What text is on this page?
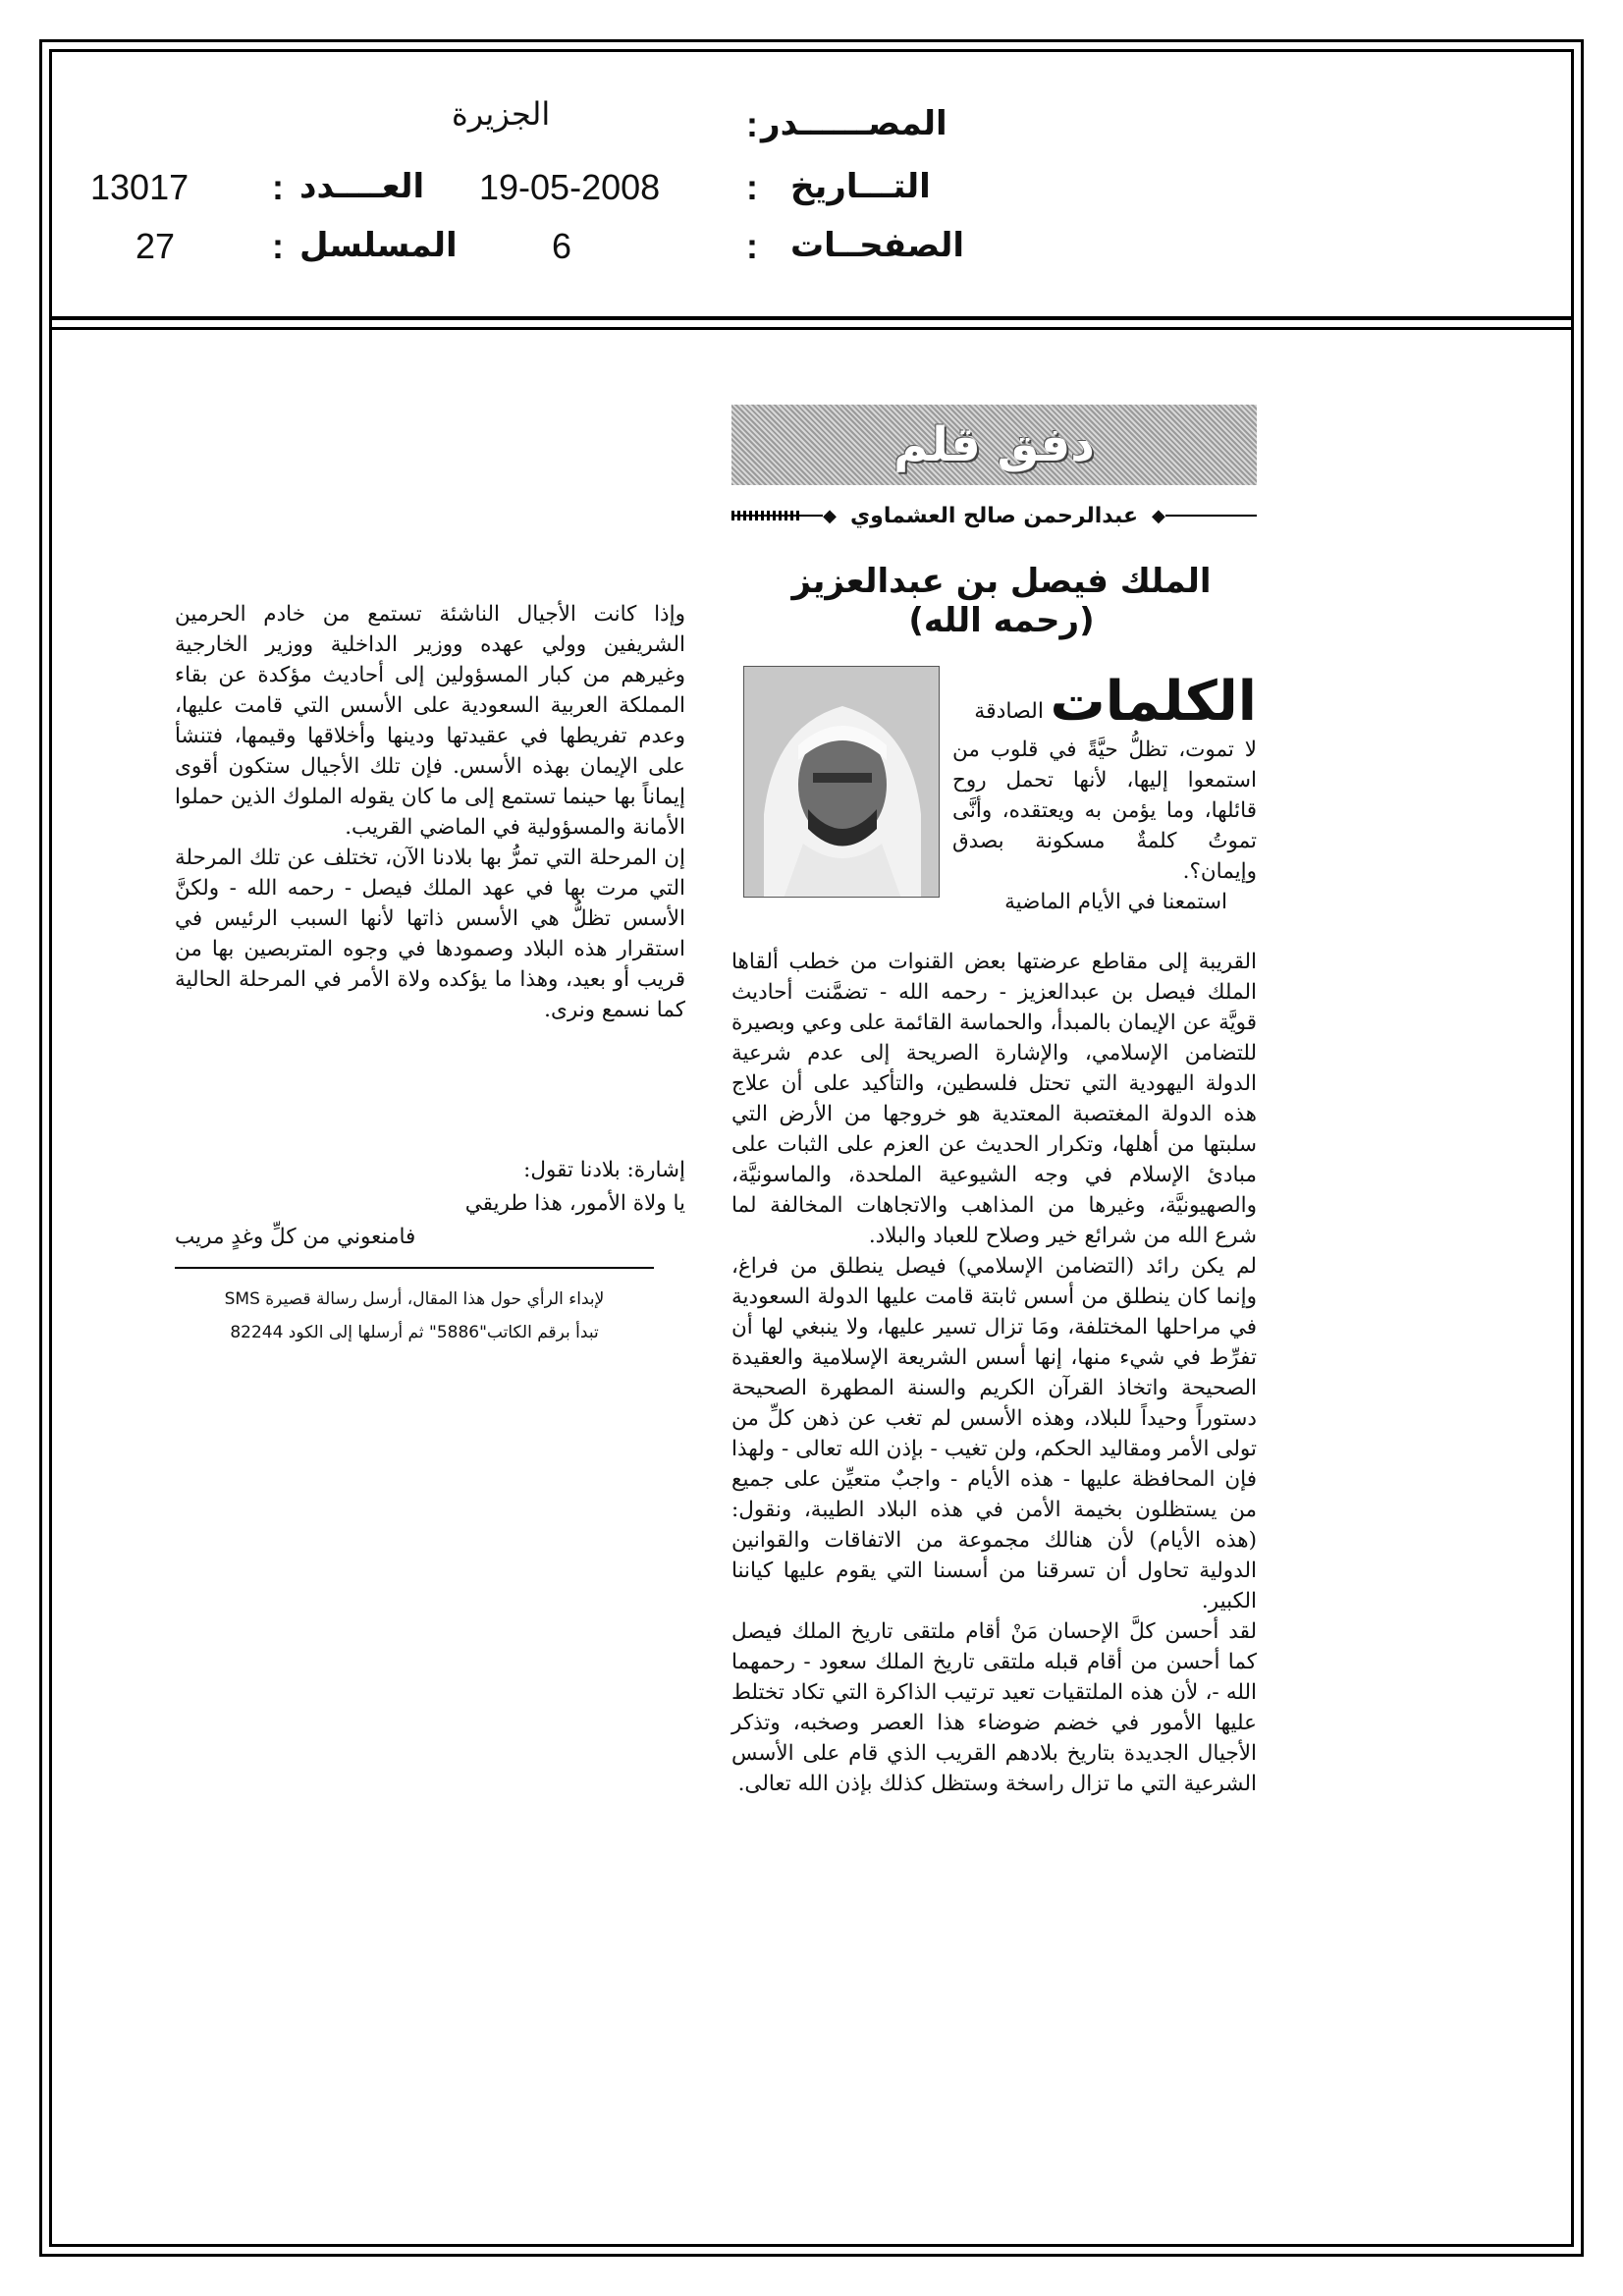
المصــــــدر
:
الجزيرة
التـــاريخ
:
19-05-2008
العــــدد
:
13017
الصفحــات
:
6
المسلسل
:
27
دفق قلم
◆
عبدالرحمن صالح العشماوي
◆
الملك فيصل بن عبدالعزيز (رحمه الله)
الكلمات
الصادقة

لا تموت، تظلُّ حيَّةً في قلوب من استمعوا إليها، لأنها تحمل روح قائلها، وما يؤمن به ويعتقده، وأنَّى تموتُ كلمةٌ مسكونة بصدق وإيمان؟.

استمعنا في الأيام الماضية

القريبة إلى مقاطع عرضتها بعض القنوات من خطب ألقاها الملك فيصل بن عبدالعزيز - رحمه الله - تضمَّنت أحاديث قويَّة عن الإيمان بالمبدأ، والحماسة القائمة على وعي وبصيرة للتضامن الإسلامي، والإشارة الصريحة إلى عدم شرعية الدولة اليهودية التي تحتل فلسطين، والتأكيد على أن علاج هذه الدولة المغتصبة المعتدية هو خروجها من الأرض التي سلبتها من أهلها، وتكرار الحديث عن العزم على الثبات على مبادئ الإسلام في وجه الشيوعية الملحدة، والماسونيَّة، والصهيونيَّة، وغيرها من المذاهب والاتجاهات المخالفة لما شرع الله من شرائع خير وصلاح للعباد والبلاد.

لم يكن رائد (التضامن الإسلامي) فيصل ينطلق من فراغ، وإنما كان ينطلق من أسس ثابتة قامت عليها الدولة السعودية في مراحلها المختلفة، ومَا تزال تسير عليها، ولا ينبغي لها أن تفرِّط في شيء منها، إنها أسس الشريعة الإسلامية والعقيدة الصحيحة واتخاذ القرآن الكريم والسنة المطهرة الصحيحة دستوراً وحيداً للبلاد، وهذه الأسس لم تغب عن ذهن كلِّ من تولى الأمر ومقاليد الحكم، ولن تغيب - بإذن الله تعالى - ولهذا فإن المحافظة عليها - هذه الأيام - واجبٌ متعيِّن على جميع من يستظلون بخيمة الأمن في هذه البلاد الطيبة، ونقول: (هذه الأيام) لأن هنالك مجموعة من الاتفاقات والقوانين الدولية تحاول أن تسرقنا من أسسنا التي يقوم عليها كياننا الكبير.

لقد أحسن كلَّ الإحسان مَنْ أقام ملتقى تاريخ الملك فيصل كما أحسن من أقام قبله ملتقى تاريخ الملك سعود - رحمهما الله -، لأن هذه الملتقيات تعيد ترتيب الذاكرة التي تكاد تختلط عليها الأمور في خضم ضوضاء هذا العصر وصخبه، وتذكر الأجيال الجديدة بتاريخ بلادهم القريب الذي قام على الأسس الشرعية التي ما تزال راسخة وستظل كذلك بإذن الله تعالى.

وإذا كانت الأجيال الناشئة تستمع من خادم الحرمين الشريفين وولي عهده ووزير الداخلية ووزير الخارجية وغيرهم من كبار المسؤولين إلى أحاديث مؤكدة عن بقاء المملكة العربية السعودية على الأسس التي قامت عليها، وعدم تفريطها في عقيدتها ودينها وأخلاقها وقيمها، فتنشأ على الإيمان بهذه الأسس. فإن تلك الأجيال ستكون أقوى إيماناً بها حينما تستمع إلى ما كان يقوله الملوك الذين حملوا الأمانة والمسؤولية في الماضي القريب.

إن المرحلة التي تمرُّ بها بلادنا الآن، تختلف عن تلك المرحلة التي مرت بها في عهد الملك فيصل - رحمه الله - ولكنَّ الأسس تظلُّ هي الأسس ذاتها لأنها السبب الرئيس في استقرار هذه البلاد وصمودها في وجوه المتربصين بها من قريب أو بعيد، وهذا ما يؤكده ولاة الأمر في المرحلة الحالية كما نسمع ونرى.

إشارة: بلادنا تقول:
يا ولاة الأمور، هذا طريقي
فامنعوني من كلِّ وغدٍ مريب
لإبداء الرأي حول هذا المقال، أرسل رسالة قصيرة SMS
تبدأ برقم الكاتب"5886" ثم أرسلها إلى الكود 82244
